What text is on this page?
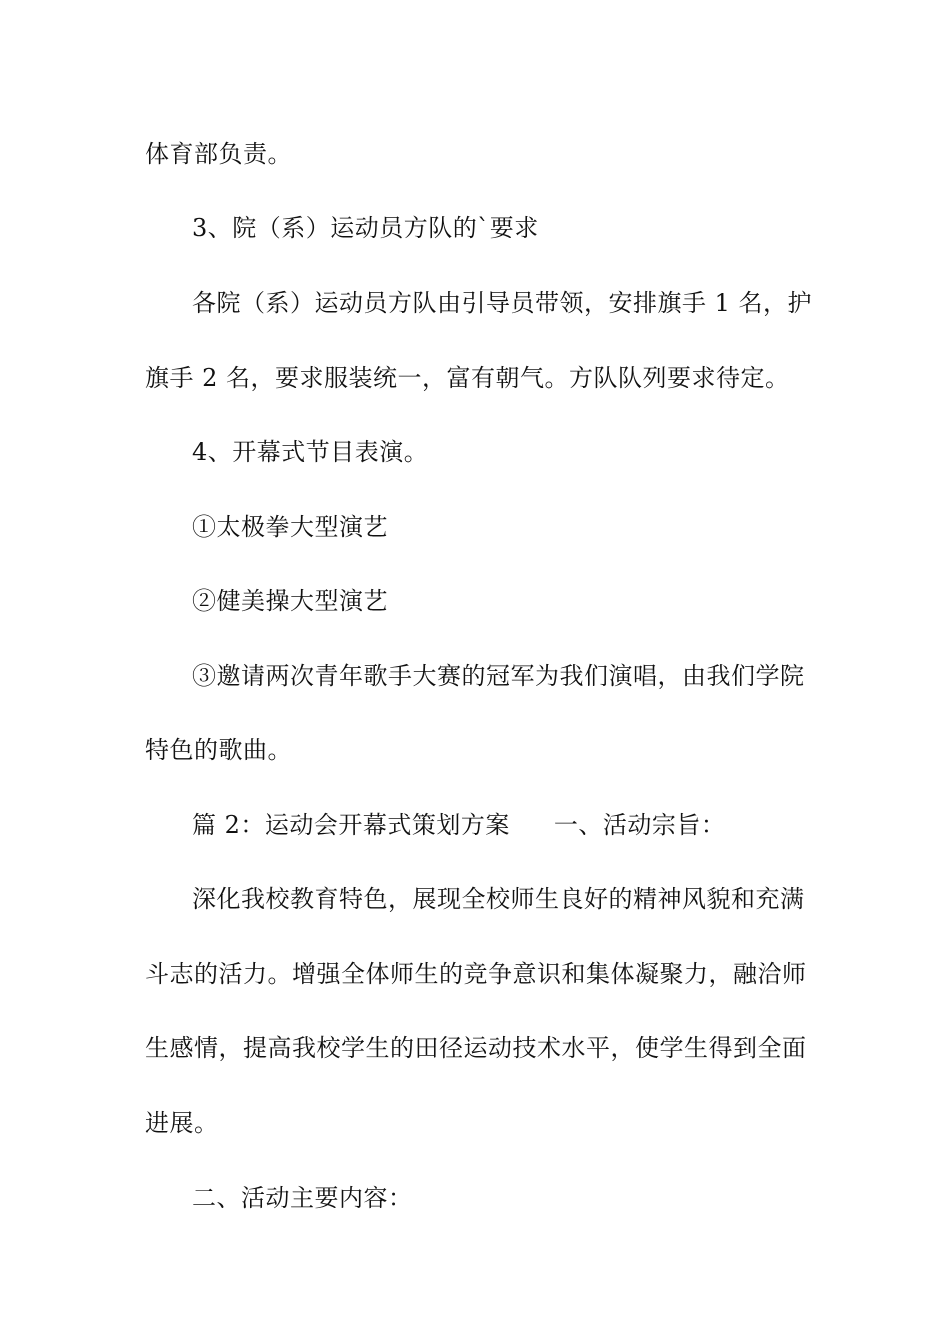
体育部负责。
3、院（系）运动员方队的`要求
各院（系）运动员方队由引导员带领，安排旗手 1 名，护
旗手 2 名，要求服装统一，富有朝气。方队队列要求待定。
4、开幕式节目表演。
①太极拳大型演艺
②健美操大型演艺
③邀请两次青年歌手大赛的冠军为我们演唱，由我们学院
特色的歌曲。
篇 2：运动会开幕式策划方案 一、活动宗旨：
深化我校教育特色，展现全校师生良好的精神风貌和充满
斗志的活力。增强全体师生的竞争意识和集体凝聚力，融洽师
生感情，提高我校学生的田径运动技术水平，使学生得到全面
进展。
二、活动主要内容：
